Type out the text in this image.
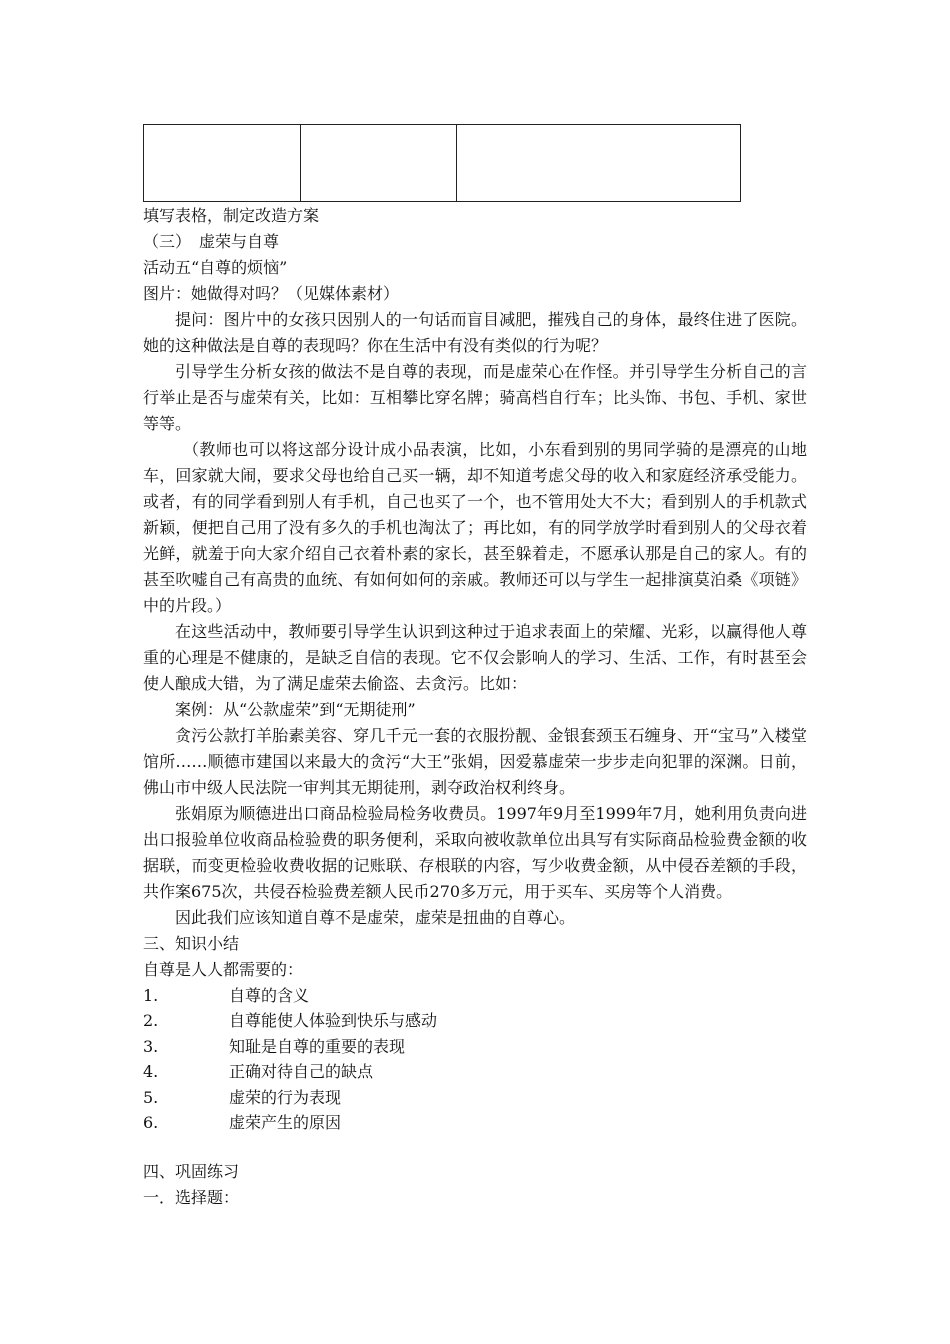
填写表格，制定改造方案

（三）　虚荣与自尊

活动五“自尊的烦恼”

图片：她做得对吗？（见媒体素材）

提问：图片中的女孩只因别人的一句话而盲目减肥，摧残自己的身体，最终住进了医院。她的这种做法是自尊的表现吗？你在生活中有没有类似的行为呢？

引导学生分析女孩的做法不是自尊的表现，而是虚荣心在作怪。并引导学生分析自己的言行举止是否与虚荣有关，比如：互相攀比穿名牌；骑高档自行车；比头饰、书包、手机、家世等等。

（教师也可以将这部分设计成小品表演，比如，小东看到别的男同学骑的是漂亮的山地车，回家就大闹，要求父母也给自己买一辆，却不知道考虑父母的收入和家庭经济承受能力。或者，有的同学看到别人有手机，自己也买了一个，也不管用处大不大；看到别人的手机款式新颖，便把自己用了没有多久的手机也淘汰了；再比如，有的同学放学时看到别人的父母衣着光鲜，就羞于向大家介绍自己衣着朴素的家长，甚至躲着走，不愿承认那是自己的家人。有的甚至吹嘘自己有高贵的血统、有如何如何的亲戚。教师还可以与学生一起排演莫泊桑《项链》中的片段。）

在这些活动中，教师要引导学生认识到这种过于追求表面上的荣耀、光彩，以赢得他人尊重的心理是不健康的，是缺乏自信的表现。它不仅会影响人的学习、生活、工作，有时甚至会使人酿成大错，为了满足虚荣去偷盗、去贪污。比如：

案例：从“公款虚荣”到“无期徒刑”

贪污公款打羊胎素美容、穿几千元一套的衣服扮靓、金银套颈玉石缠身、开“宝马”入楼堂馆所……顺德市建国以来最大的贪污“大王”张娟，因爱慕虚荣一步步走向犯罪的深渊。日前，佛山市中级人民法院一审判其无期徒刑，剥夺政治权利终身。

张娟原为顺德进出口商品检验局检务收费员。1997年9月至1999年7月，她利用负责向进出口报验单位收商品检验费的职务便利，采取向被收款单位出具写有实际商品检验费金额的收据联，而变更检验收费收据的记账联、存根联的内容，写少收费金额，从中侵吞差额的手段，共作案675次，共侵吞检验费差额人民币270多万元，用于买车、买房等个人消费。

因此我们应该知道自尊不是虚荣，虚荣是扭曲的自尊心。

三、知识小结

自尊是人人都需要的：

1.	自尊的含义
2.	自尊能使人体验到快乐与感动
3.	知耻是自尊的重要的表现
4.	正确对待自己的缺点
5.	虚荣的行为表现
6.	虚荣产生的原因

四、巩固练习

一．选择题：
